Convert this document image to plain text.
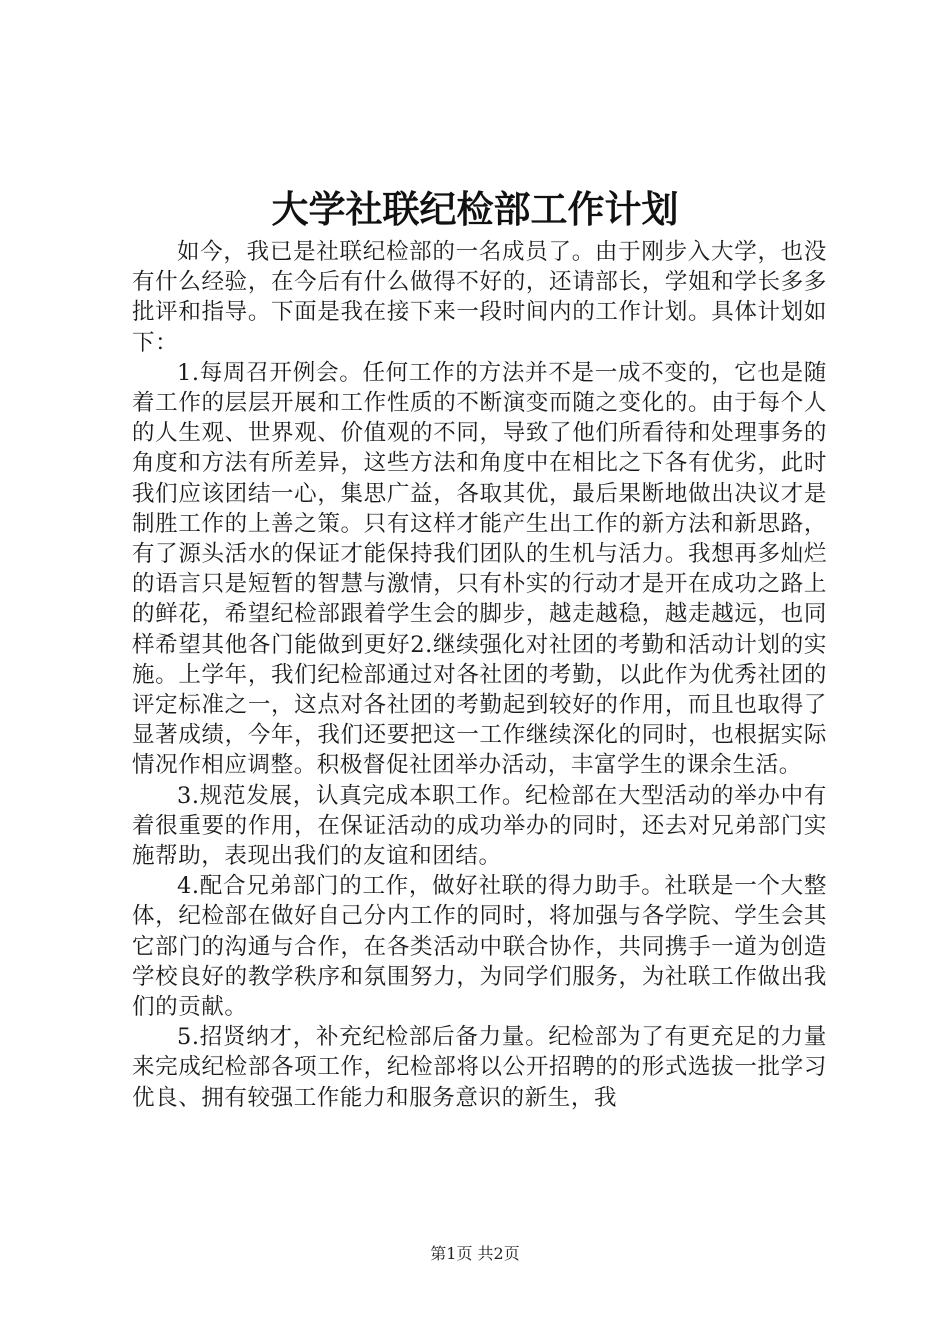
大学社联纪检部工作计划

如今，我已是社联纪检部的一名成员了。由于刚步入大学，也没有什么经验，在今后有什么做得不好的，还请部长，学姐和学长多多批评和指导。下面是我在接下来一段时间内的工作计划。具体计划如下：

1.每周召开例会。任何工作的方法并不是一成不变的，它也是随着工作的层层开展和工作性质的不断演变而随之变化的。由于每个人的人生观、世界观、价值观的不同，导致了他们所看待和处理事务的角度和方法有所差异，这些方法和角度中在相比之下各有优劣，此时我们应该团结一心，集思广益，各取其优，最后果断地做出决议才是制胜工作的上善之策。只有这样才能产生出工作的新方法和新思路，有了源头活水的保证才能保持我们团队的生机与活力。我想再多灿烂的语言只是短暂的智慧与激情，只有朴实的行动才是开在成功之路上的鲜花，希望纪检部跟着学生会的脚步，越走越稳，越走越远，也同样希望其他各门能做到更好2.继续强化对社团的考勤和活动计划的实施。上学年，我们纪检部通过对各社团的考勤，以此作为优秀社团的评定标准之一，这点对各社团的考勤起到较好的作用，而且也取得了显著成绩，今年，我们还要把这一工作继续深化的同时，也根据实际情况作相应调整。积极督促社团举办活动，丰富学生的课余生活。

3.规范发展，认真完成本职工作。纪检部在大型活动的举办中有着很重要的作用，在保证活动的成功举办的同时，还去对兄弟部门实施帮助，表现出我们的友谊和团结。

4.配合兄弟部门的工作，做好社联的得力助手。社联是一个大整体，纪检部在做好自己分内工作的同时，将加强与各学院、学生会其它部门的沟通与合作，在各类活动中联合协作，共同携手一道为创造学校良好的教学秩序和氛围努力，为同学们服务，为社联工作做出我们的贡献。

5.招贤纳才，补充纪检部后备力量。纪检部为了有更充足的力量来完成纪检部各项工作，纪检部将以公开招聘的的形式选拔一批学习优良、拥有较强工作能力和服务意识的新生，我

第1页 共2页
